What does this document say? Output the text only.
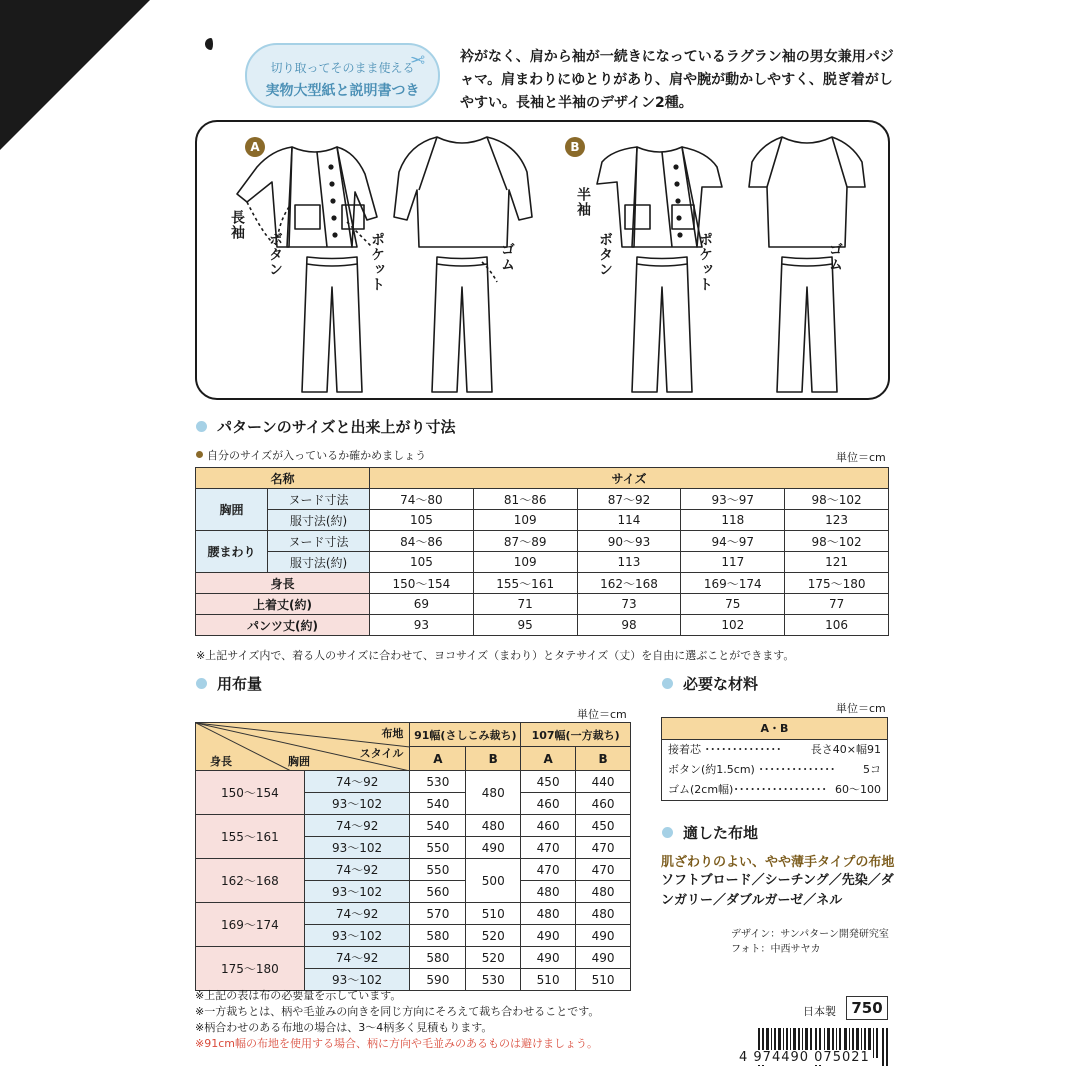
7502
切り取ってそのまま使える
実物大型紙と説明書つき
✂ 衿がなく、肩から袖が一続きになっているラグラン袖の男女兼用パジャマ。肩まわりにゆとりがあり、肩や腕が動かしやすく、脱ぎ着がしやすい。長袖と半袖のデザイン2種。
A	B
長袖
ボタン	ポケット	ゴム
半袖
ボタン	ポケット	ゴム
パターンのサイズと出来上がり寸法
自分のサイズが入っているか確かめましょう	単位＝cm
名称		サイズ				
胸囲	ヌード寸法	74〜80	81〜86	87〜92	93〜97	98〜102
	服寸法(約)	105	109	114	118	123
腰まわり	ヌード寸法	84〜86	87〜89	90〜93	94〜97	98〜102
	服寸法(約)	105	109	113	117	121
身長		150〜154	155〜161	162〜168	169〜174	175〜180
上着丈(約)		69	71	73	75	77
パンツ丈(約)		93	95	98	102	106
※上記サイズ内で、着る人のサイズに合わせて、ヨコサイズ（まわり）とタテサイズ（丈）を自由に選ぶことができます。
用布量
単位＝cm
布地
スタイル
身長 胸囲		91幅(さしこみ裁ち)		107幅(一方裁ち)	
		A	B	A	B
150〜154	74〜92	530	480	450	440
	93〜102	540		460	460
155〜161	74〜92	540	480	460	450
	93〜102	550	490	470	470
162〜168	74〜92	550	500	470	470
	93〜102	560		480	480
169〜174	74〜92	570	510	480	480
	93〜102	580	520	490	490
175〜180	74〜92	580	520	490	490
	93〜102	590	530	510	510
※上記の表は布の必要量を示しています。
※一方裁ちとは、柄や毛並みの向きを同じ方向にそろえて裁ち合わせることです。
※柄合わせのある布地の場合は、3〜4柄多く見積もります。
※91cm幅の布地を使用する場合、柄に方向や毛並みのあるものは避けましょう。
必要な材料
単位＝cm
A・B
接着芯 ･･････････････	長さ40×幅91
ボタン(約1.5cm) ･･････････････	5コ
ゴム(2cm幅)･････････････････ 60〜100
適した布地
肌ざわりのよい、やや薄手タイプの布地
ソフトブロード／シーチング／先染／ダンガリー／ダブルガーゼ／ネル
デザイン：サンパターン開発研究室
フォト：中西サヤカ
日本製	750
4 974490 075021
